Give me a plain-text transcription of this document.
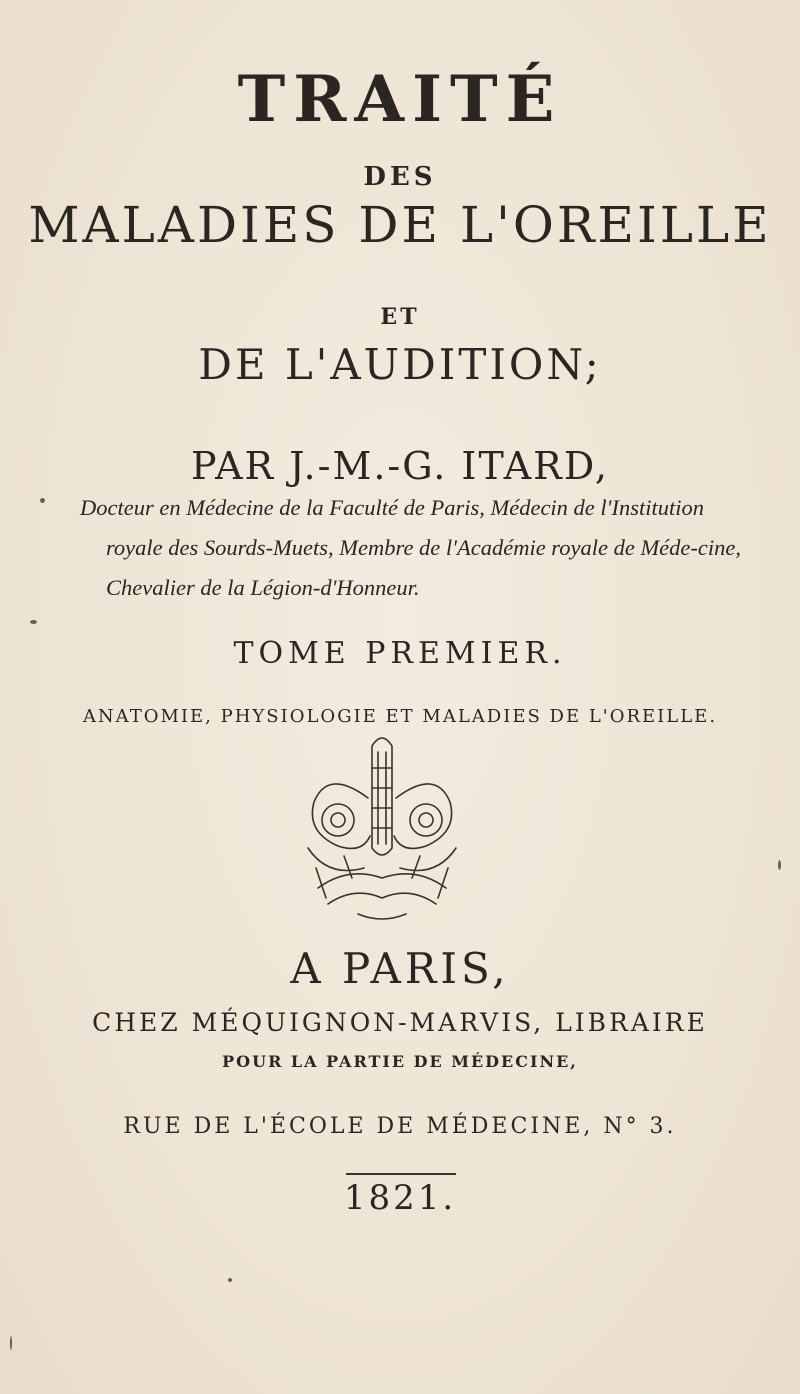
TRAITÉ
DES
MALADIES DE L'OREILLE
ET
DE L'AUDITION;
PAR J.-M.-G. ITARD,
Docteur en Médecine de la Faculté de Paris, Médecin de l'Institution royale des Sourds-Muets, Membre de l'Académie royale de Méde-cine, Chevalier de la Légion-d'Honneur.
TOME PREMIER.
ANATOMIE, PHYSIOLOGIE ET MALADIES DE L'OREILLE.
A PARIS,
CHEZ MÉQUIGNON-MARVIS, LIBRAIRE
POUR LA PARTIE DE MÉDECINE,
RUE DE L'ÉCOLE DE MÉDECINE, N° 3.
1821.
